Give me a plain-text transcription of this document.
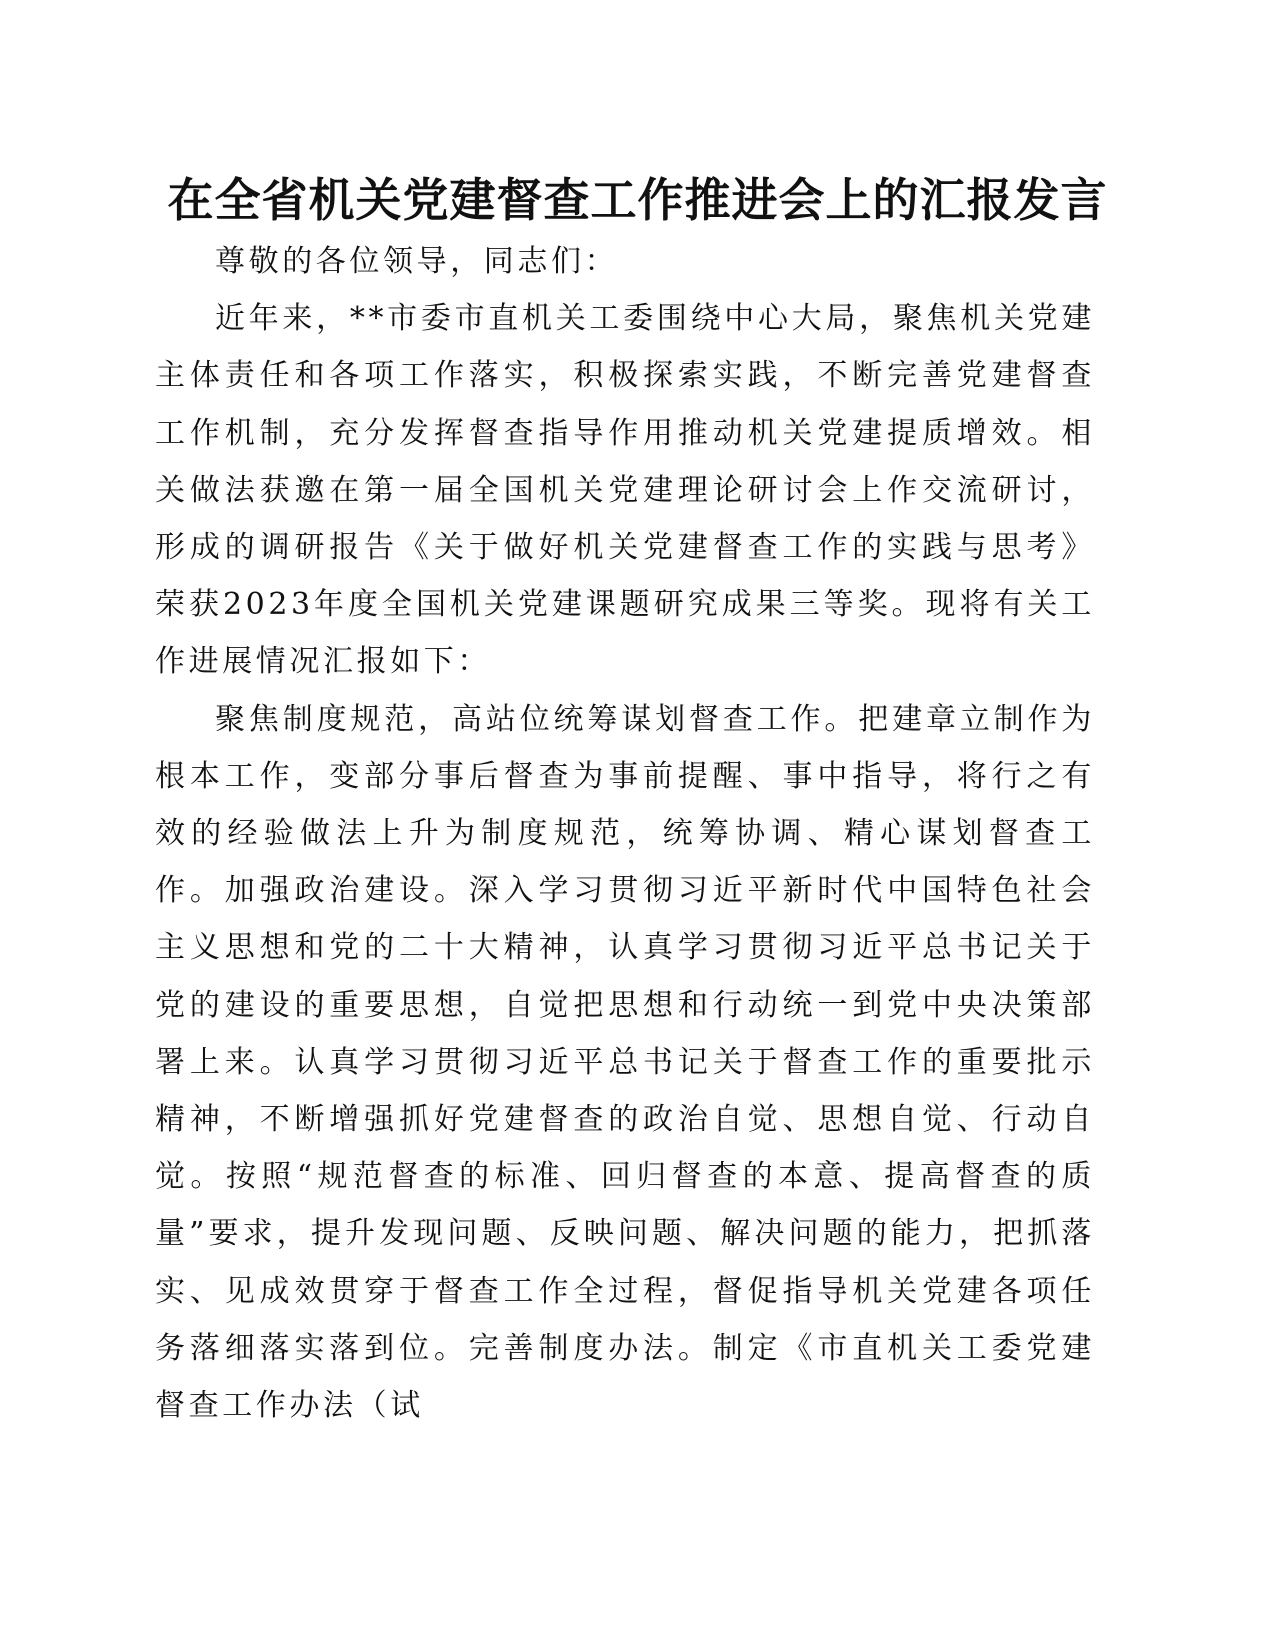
在全省机关党建督查工作推进会上的汇报发言

尊敬的各位领导，同志们：

近年来，**市委市直机关工委围绕中心大局，聚焦机关党建主体责任和各项工作落实，积极探索实践，不断完善党建督查工作机制，充分发挥督查指导作用推动机关党建提质增效。相关做法获邀在第一届全国机关党建理论研讨会上作交流研讨，形成的调研报告《关于做好机关党建督查工作的实践与思考》荣获2023年度全国机关党建课题研究成果三等奖。现将有关工作进展情况汇报如下：

聚焦制度规范，高站位统筹谋划督查工作。把建章立制作为根本工作，变部分事后督查为事前提醒、事中指导，将行之有效的经验做法上升为制度规范，统筹协调、精心谋划督查工作。加强政治建设。深入学习贯彻习近平新时代中国特色社会主义思想和党的二十大精神，认真学习贯彻习近平总书记关于党的建设的重要思想，自觉把思想和行动统一到党中央决策部署上来。认真学习贯彻习近平总书记关于督查工作的重要批示精神，不断增强抓好党建督查的政治自觉、思想自觉、行动自觉。按照“规范督查的标准、回归督查的本意、提高督查的质量”要求，提升发现问题、反映问题、解决问题的能力，把抓落实、见成效贯穿于督查工作全过程，督促指导机关党建各项任务落细落实落到位。完善制度办法。制定《市直机关工委党建督查工作办法（试
